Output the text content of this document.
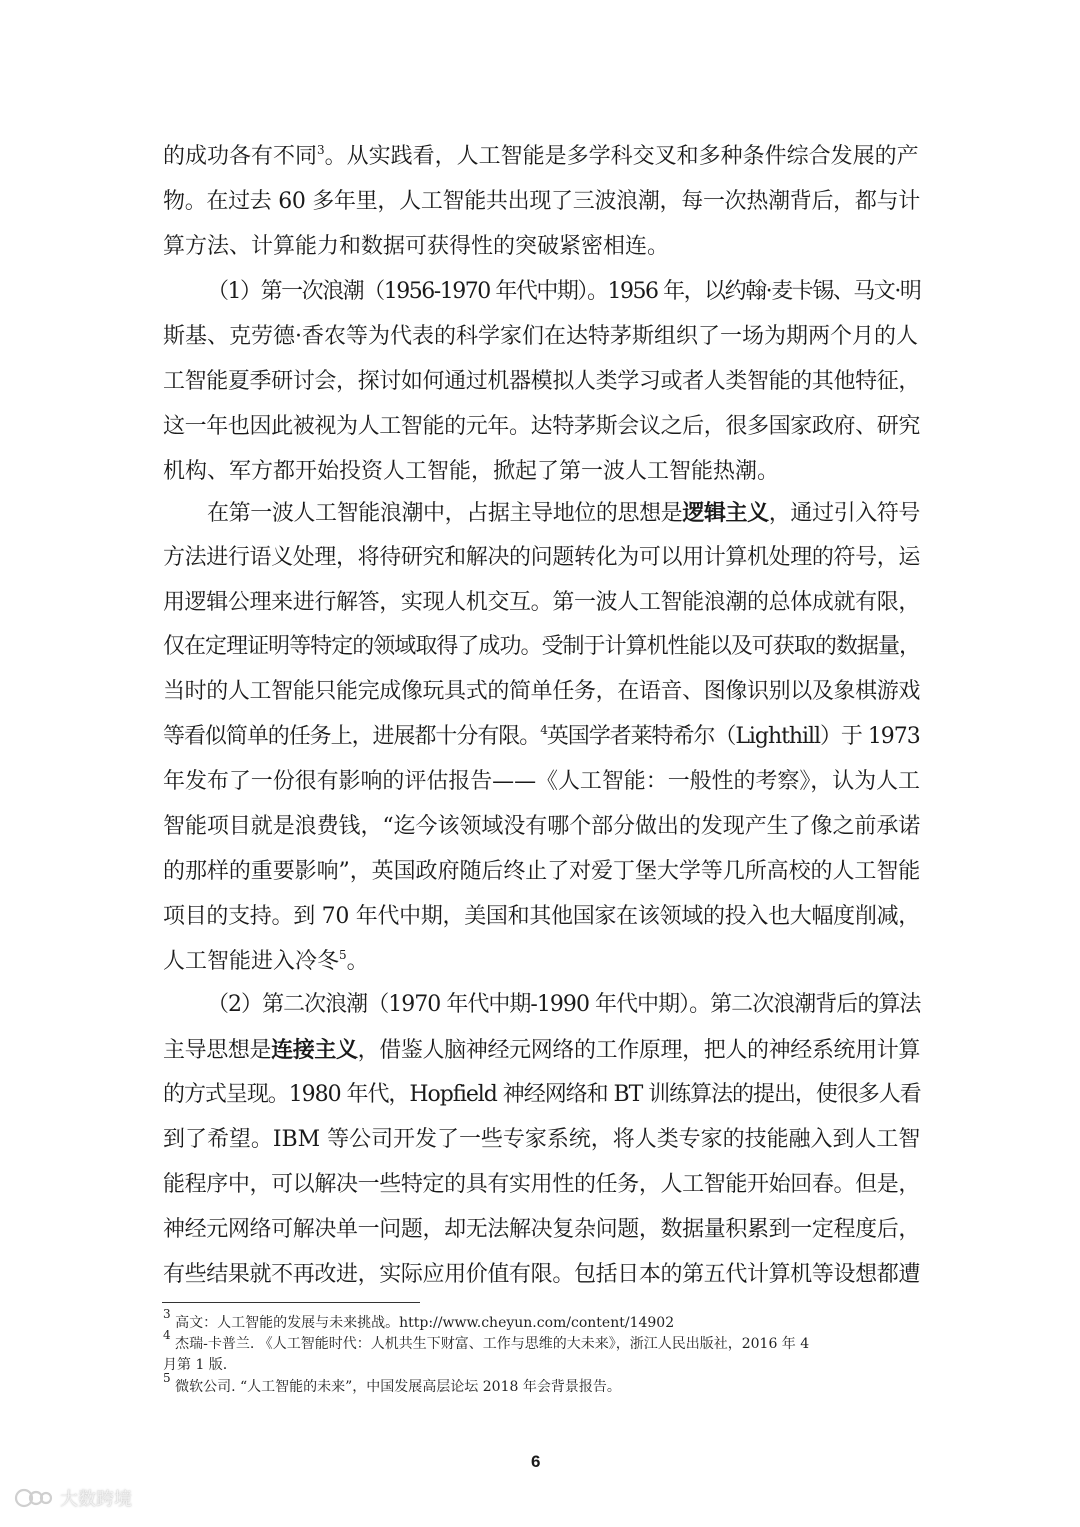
的成功各有不同$^3$。从实践看，人工智能是多学科交叉和多种条件综合发展的产
物。在过去 60 多年里，人工智能共出现了三波浪潮，每一次热潮背后，都与计
算方法、计算能力和数据可获得性的突破紧密相连。
（1）第一次浪潮（1956-1970 年代中期）。1956 年，以约翰·麦卡锡、马文·明
斯基、克劳德·香农等为代表的科学家们在达特茅斯组织了一场为期两个月的人
工智能夏季研讨会，探讨如何通过机器模拟人类学习或者人类智能的其他特征，
这一年也因此被视为人工智能的元年。达特茅斯会议之后，很多国家政府、研究
机构、军方都开始投资人工智能，掀起了第一波人工智能热潮。
在第一波人工智能浪潮中，占据主导地位的思想是逻辑主义，通过引入符号
方法进行语义处理，将待研究和解决的问题转化为可以用计算机处理的符号，运
用逻辑公理来进行解答，实现人机交互。第一波人工智能浪潮的总体成就有限，
仅在定理证明等特定的领域取得了成功。受制于计算机性能以及可获取的数据量，
当时的人工智能只能完成像玩具式的简单任务，在语音、图像识别以及象棋游戏
等看似简单的任务上，进展都十分有限。$^4$英国学者莱特希尔（Lighthill）于 1973
年发布了一份很有影响的评估报告——《人工智能：一般性的考察》，认为人工
智能项目就是浪费钱，“迄今该领域没有哪个部分做出的发现产生了像之前承诺
的那样的重要影响”，英国政府随后终止了对爱丁堡大学等几所高校的人工智能
项目的支持。到 70 年代中期，美国和其他国家在该领域的投入也大幅度削减，
人工智能进入冷冬$^5$。
（2）第二次浪潮（1970 年代中期-1990 年代中期）。第二次浪潮背后的算法
主导思想是连接主义，借鉴人脑神经元网络的工作原理，把人的神经系统用计算
的方式呈现。1980 年代，Hopfield 神经网络和 BT 训练算法的提出，使很多人看
到了希望。IBM 等公司开发了一些专家系统，将人类专家的技能融入到人工智
能程序中，可以解决一些特定的具有实用性的任务，人工智能开始回春。但是，
神经元网络可解决单一问题，却无法解决复杂问题，数据量积累到一定程度后，
有些结果就不再改进，实际应用价值有限。包括日本的第五代计算机等设想都遭
$^3$ 高文：人工智能的发展与未来挑战。http://www.cheyun.com/content/14902
$^4$ 杰瑞-卡普兰. 《人工智能时代：人机共生下财富、工作与思维的大未来》，浙江人民出版社，2016 年 4
月第 1 版.
$^5$ 微软公司. “人工智能的未来”，中国发展高层论坛 2018 年会背景报告。
6
大数跨境
